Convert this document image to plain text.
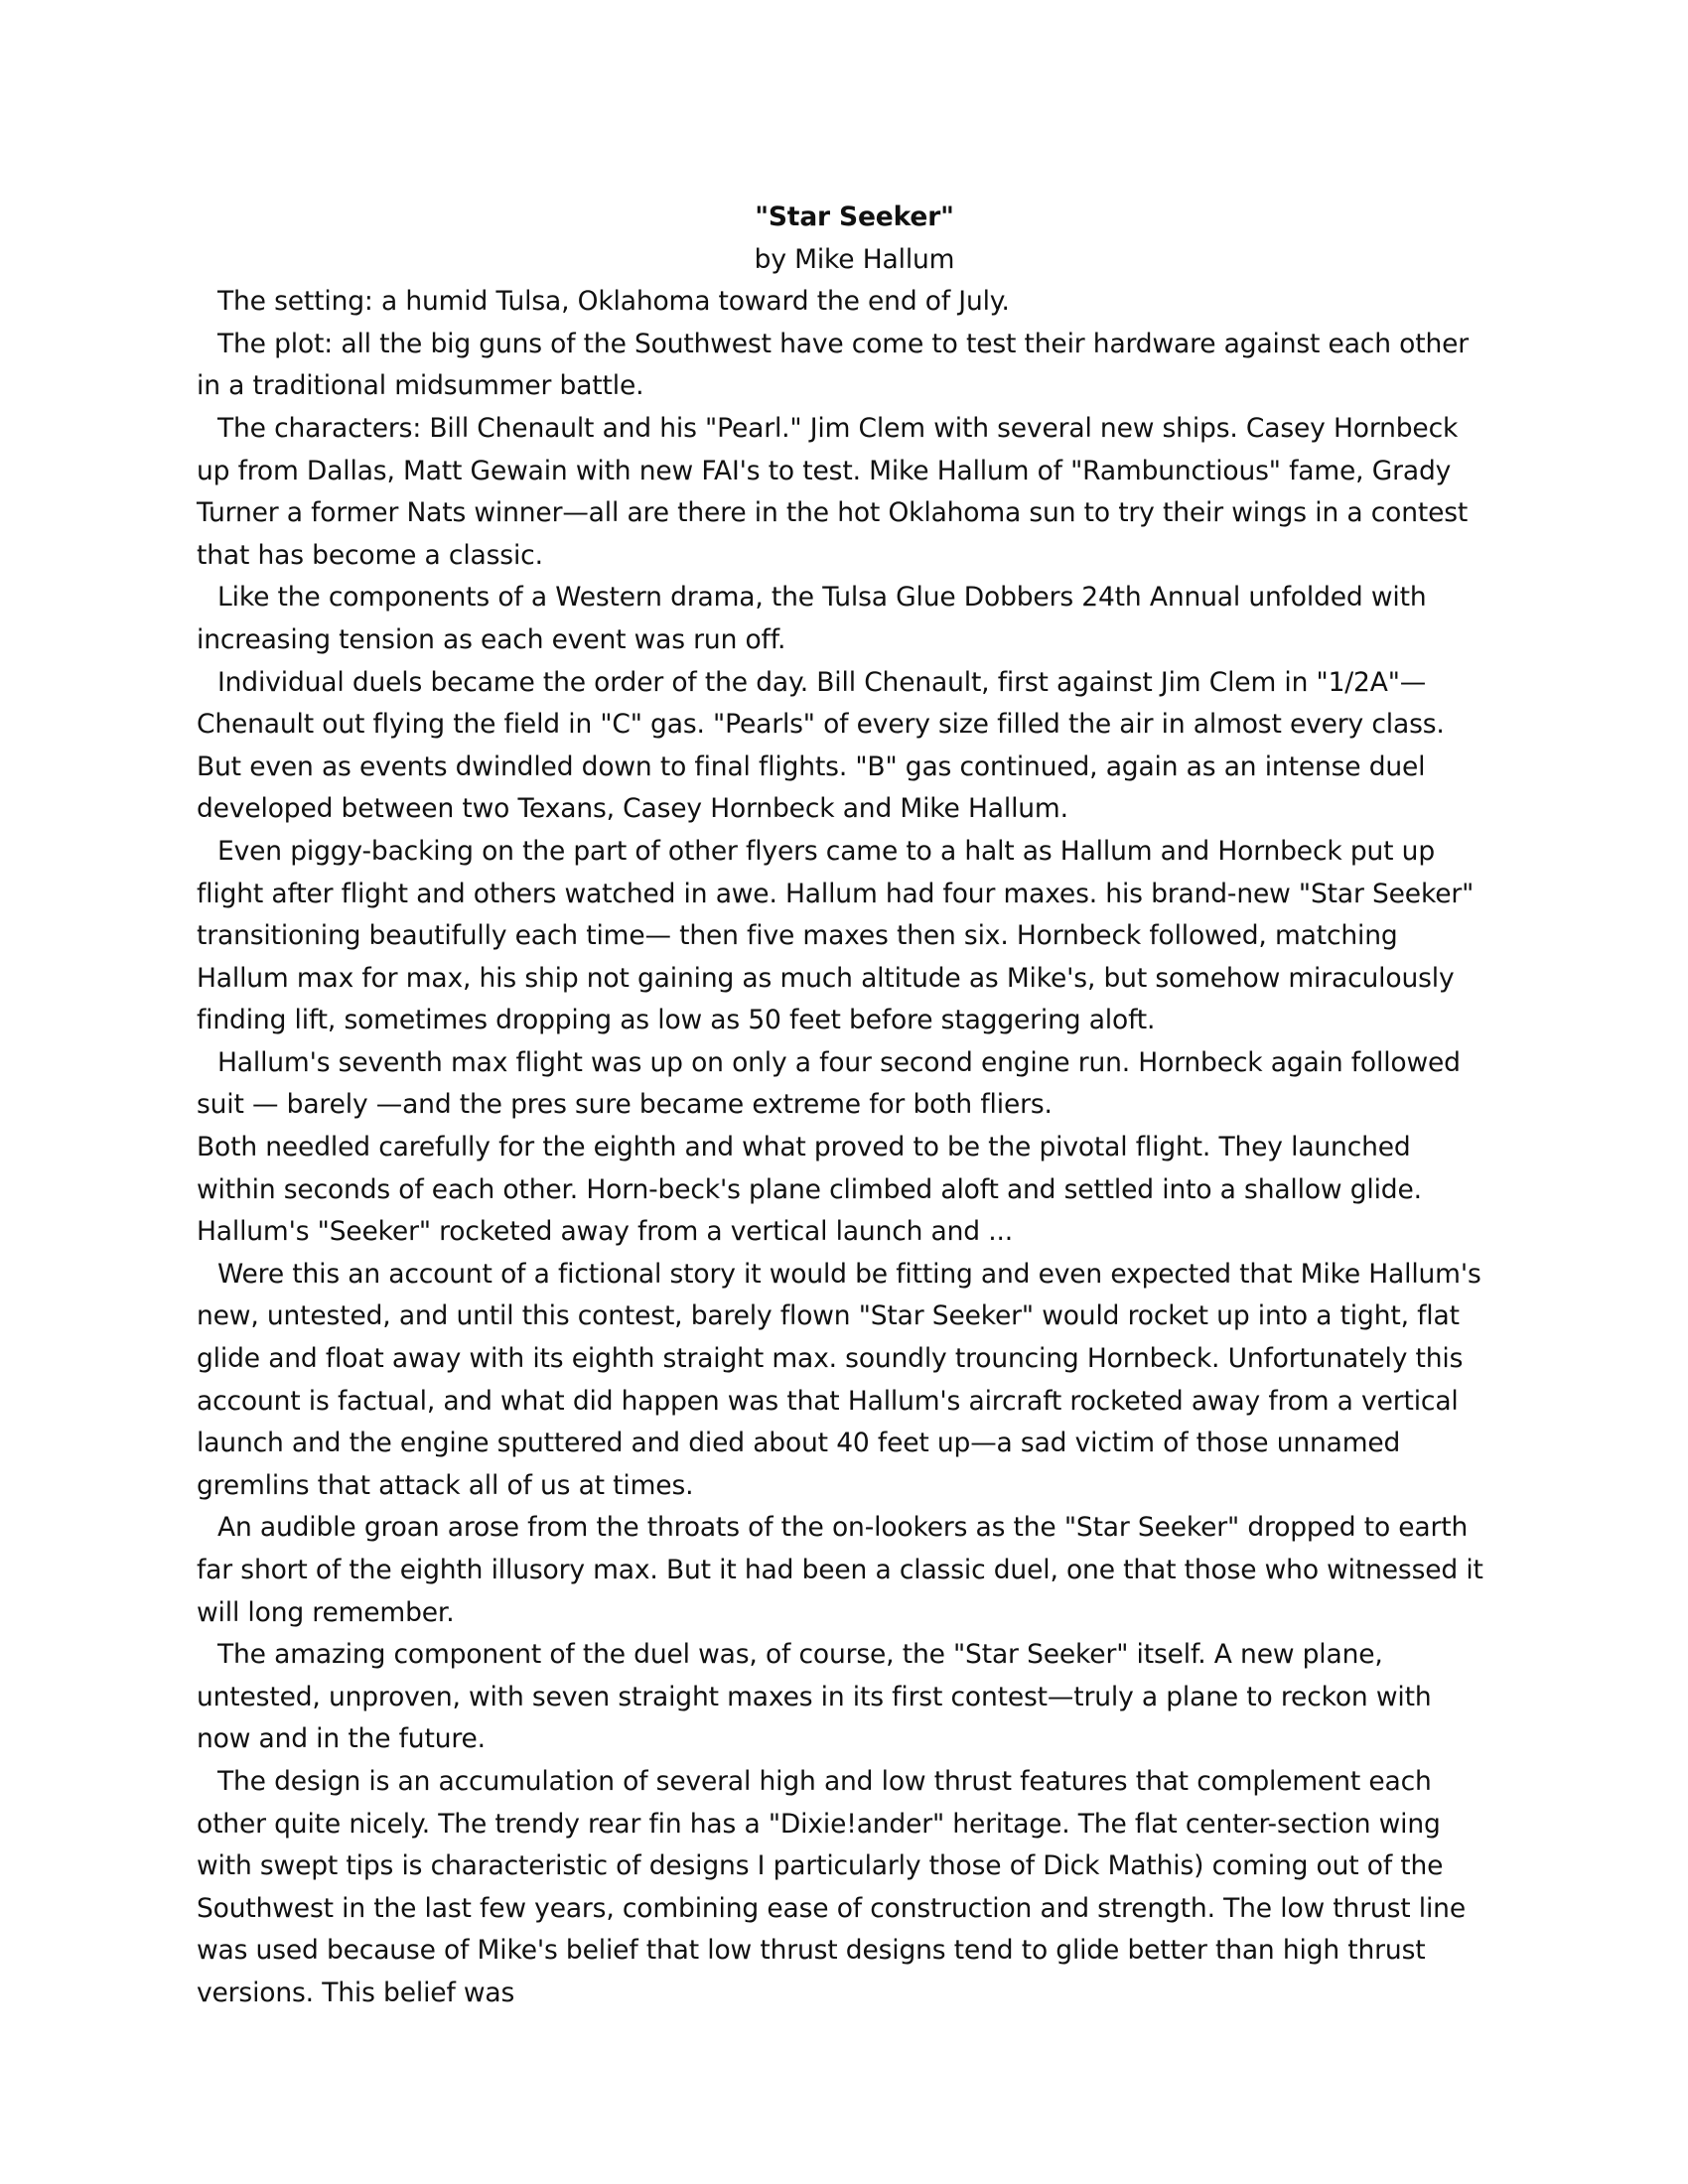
"Star Seeker"

by Mike Hallum

The setting: a humid Tulsa, Oklahoma toward the end of July.

The plot: all the big guns of the Southwest have come to test their hardware against each other in a traditional midsummer battle.

The characters: Bill Chenault and his "Pearl." Jim Clem with several new ships. Casey Hornbeck up from Dallas, Matt Gewain with new FAI's to test. Mike Hallum of "Rambunctious" fame, Grady Turner a former Nats winner—all are there in the hot Oklahoma sun to try their wings in a contest that has become a classic.

Like the components of a Western drama, the Tulsa Glue Dobbers 24th Annual unfolded with increasing tension as each event was run off.

Individual duels became the order of the day. Bill Chenault, first against Jim Clem in "1/2A"—Chenault out flying the field in "C" gas. "Pearls" of every size filled the air in almost every class. But even as events dwindled down to final flights. "B" gas continued, again as an intense duel developed between two Texans, Casey Hornbeck and Mike Hallum.

Even piggy-backing on the part of other flyers came to a halt as Hallum and Hornbeck put up flight after flight and others watched in awe. Hallum had four maxes. his brand-new "Star Seeker" transitioning beautifully each time— then five maxes then six. Hornbeck followed, matching Hallum max for max, his ship not gaining as much altitude as Mike's, but somehow miraculously finding lift, sometimes dropping as low as 50 feet before staggering aloft.

Hallum's seventh max flight was up on only a four second engine run. Hornbeck again followed suit — barely —and the pres sure became extreme for both fliers.

Both needled carefully for the eighth and what proved to be the pivotal flight. They launched within seconds of each other. Horn-beck's plane climbed aloft and settled into a shallow glide. Hallum's "Seeker" rocketed away from a vertical launch and ...

Were this an account of a fictional story it would be fitting and even expected that Mike Hallum's new, untested, and until this contest, barely flown "Star Seeker" would rocket up into a tight, flat glide and float away with its eighth straight max. soundly trouncing Hornbeck. Unfortunately this account is factual, and what did happen was that Hallum's aircraft rocketed away from a vertical launch and the engine sputtered and died about 40 feet up—a sad victim of those unnamed gremlins that attack all of us at times.

An audible groan arose from the throats of the on-lookers as the "Star Seeker" dropped to earth far short of the eighth illusory max. But it had been a classic duel, one that those who witnessed it will long remember.

The amazing component of the duel was, of course, the "Star Seeker" itself. A new plane, untested, unproven, with seven straight maxes in its first contest—truly a plane to reckon with now and in the future.

The design is an accumulation of several high and low thrust features that complement each other quite nicely. The trendy rear fin has a "Dixie!ander" heritage. The flat center-section wing with swept tips is characteristic of designs I particularly those of Dick Mathis) coming out of the Southwest in the last few years, combining ease of construction and strength. The low thrust line was used because of Mike's belief that low thrust designs tend to glide better than high thrust versions. This belief was
